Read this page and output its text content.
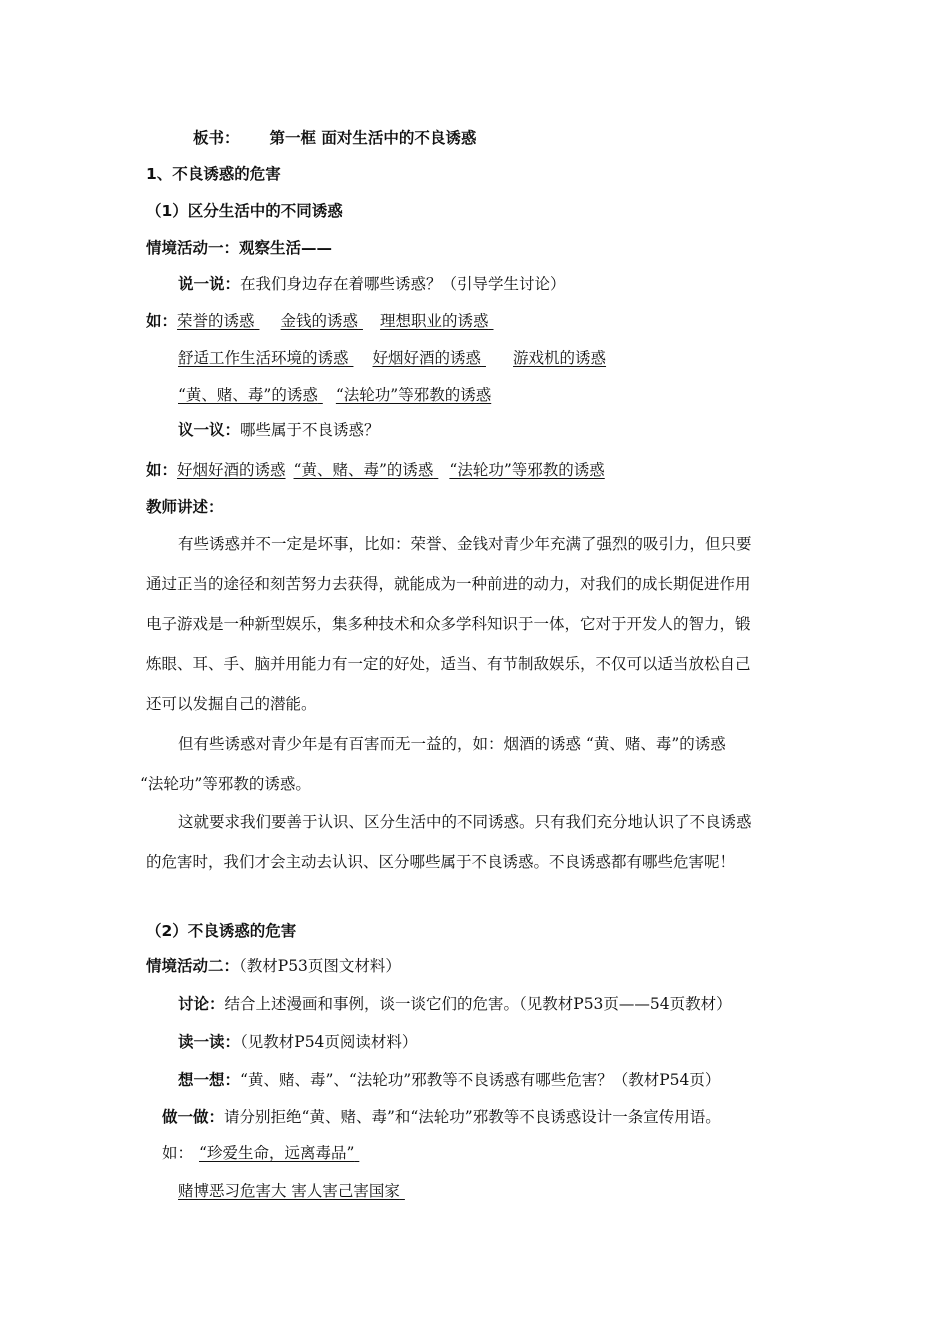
板书： 第一框 面对生活中的不良诱惑
1、不良诱惑的危害
（1）区分生活中的不同诱惑
情境活动一：观察生活——
说一说：在我们身边存在着哪些诱惑？（引导学生讨论）
如：荣誉的诱惑 金钱的诱惑 理想职业的诱惑
舒适工作生活环境的诱惑 好烟好酒的诱惑 游戏机的诱惑
“黄、赌、毒”的诱惑 “法轮功”等邪教的诱惑
议一议：哪些属于不良诱惑？
如：好烟好酒的诱惑 “黄、赌、毒”的诱惑 “法轮功”等邪教的诱惑
教师讲述：
有些诱惑并不一定是坏事，比如：荣誉、金钱对青少年充满了强烈的吸引力，但只要
通过正当的途径和刻苦努力去获得，就能成为一种前进的动力，对我们的成长期促进作用
电子游戏是一种新型娱乐，集多种技术和众多学科知识于一体，它对于开发人的智力，锻
炼眼、耳、手、脑并用能力有一定的好处，适当、有节制敌娱乐，不仅可以适当放松自己
还可以发掘自己的潜能。
但有些诱惑对青少年是有百害而无一益的，如：烟酒的诱惑 “黄、赌、毒”的诱惑
“法轮功”等邪教的诱惑。
这就要求我们要善于认识、区分生活中的不同诱惑。只有我们充分地认识了不良诱惑
的危害时，我们才会主动去认识、区分哪些属于不良诱惑。不良诱惑都有哪些危害呢！
（2）不良诱惑的危害
情境活动二：（教材P53页图文材料）
讨论：结合上述漫画和事例，谈一谈它们的危害。（见教材P53页——54页教材）
读一读：（见教材P54页阅读材料）
想一想：“黄、赌、毒”、“法轮功”邪教等不良诱惑有哪些危害？（教材P54页）
做一做：请分别拒绝“黄、赌、毒”和“法轮功”邪教等不良诱惑设计一条宣传用语。
如： “珍爱生命，远离毒品”
赌博恶习危害大 害人害己害国家
